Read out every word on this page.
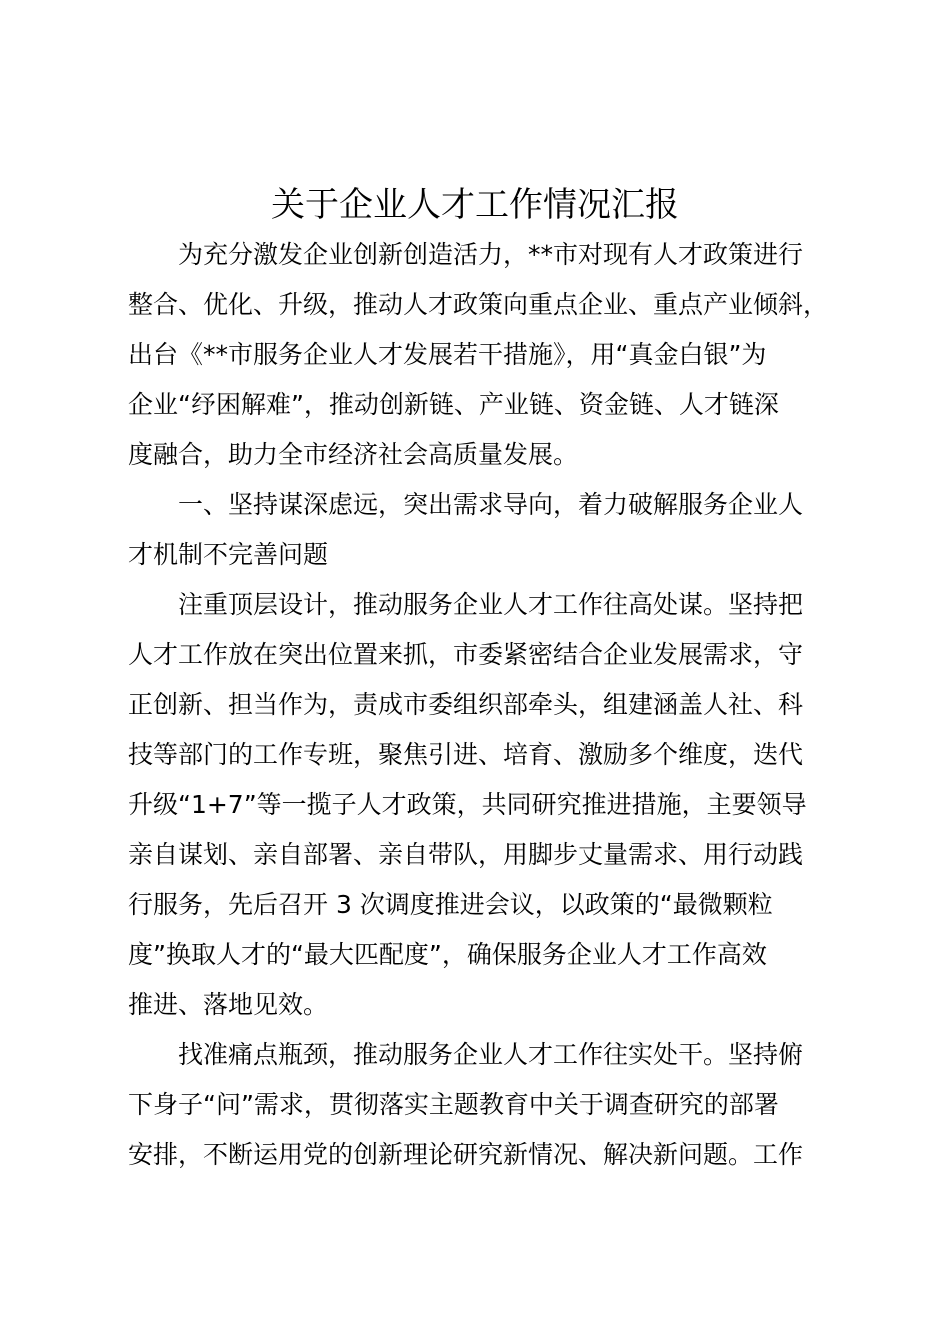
关于企业人才工作情况汇报
为充分激发企业创新创造活力，**市对现有人才政策进行
整合、优化、升级，推动人才政策向重点企业、重点产业倾斜，
出台《**市服务企业人才发展若干措施》，用“真金白银”为
企业“纾困解难”，推动创新链、产业链、资金链、人才链深
度融合，助力全市经济社会高质量发展。
一、坚持谋深虑远，突出需求导向，着力破解服务企业人
才机制不完善问题
注重顶层设计，推动服务企业人才工作往高处谋。坚持把
人才工作放在突出位置来抓，市委紧密结合企业发展需求，守
正创新、担当作为，责成市委组织部牵头，组建涵盖人社、科
技等部门的工作专班，聚焦引进、培育、激励多个维度，迭代
升级“1+7”等一揽子人才政策，共同研究推进措施，主要领导
亲自谋划、亲自部署、亲自带队，用脚步丈量需求、用行动践
行服务，先后召开 3 次调度推进会议，以政策的“最微颗粒
度”换取人才的“最大匹配度”，确保服务企业人才工作高效
推进、落地见效。
找准痛点瓶颈，推动服务企业人才工作往实处干。坚持俯
下身子“问”需求，贯彻落实主题教育中关于调查研究的部署
安排，不断运用党的创新理论研究新情况、解决新问题。工作
